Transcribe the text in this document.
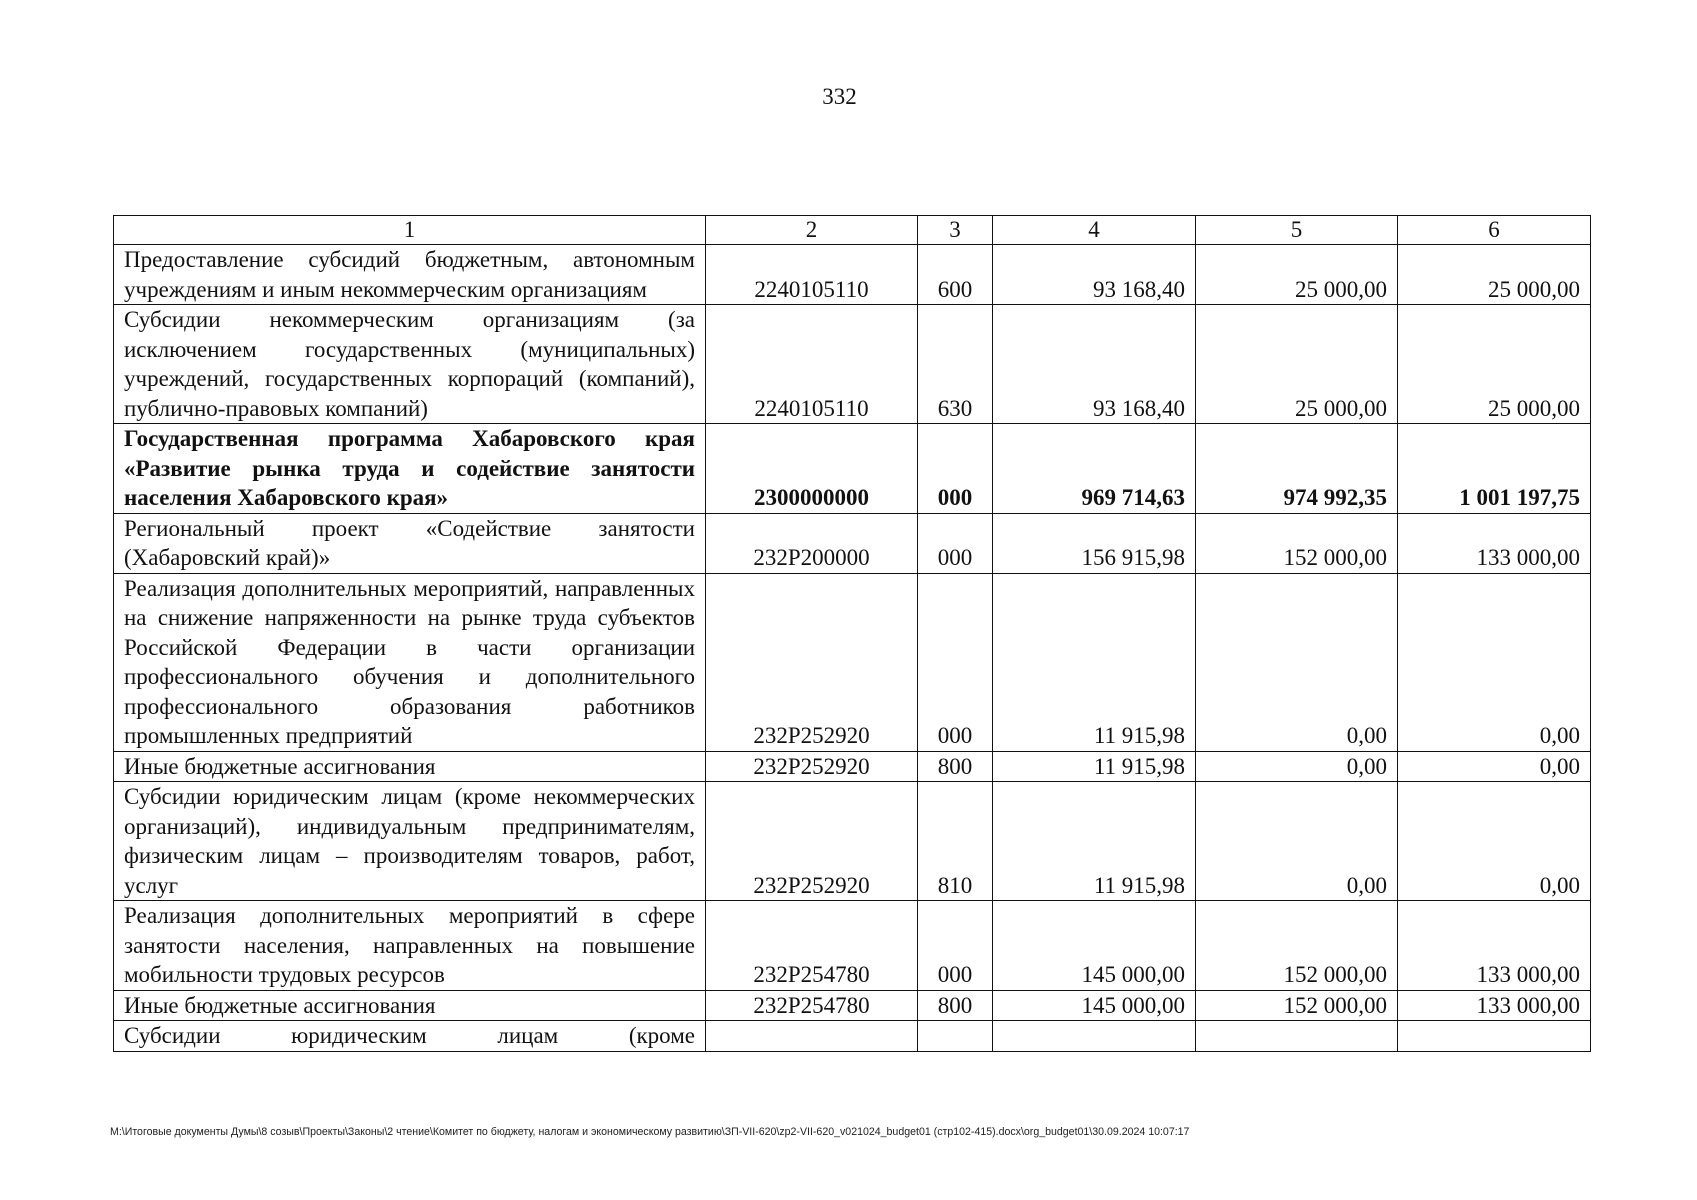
332
1	2	3	4	5	6
Предоставление субсидий бюджетным, автономным учреждениям и иным некоммерческим организациям	2240105110	600	93 168,40	25 000,00	25 000,00
Субсидии некоммерческим организациям (за исключением государственных (муниципальных) учреждений, государственных корпораций (компаний), публично-правовых компаний)	2240105110	630	93 168,40	25 000,00	25 000,00
Государственная программа Хабаровского края «Развитие рынка труда и содействие занятости населения Хабаровского края»	2300000000	000	969 714,63	974 992,35	1 001 197,75
Региональный проект «Содействие занятости (Хабаровский край)»	232P200000	000	156 915,98	152 000,00	133 000,00
Реализация дополнительных мероприятий, направленных на снижение напряженности на рынке труда субъектов Российской Федерации в части организации профессионального обучения и дополнительного профессионального образования работников промышленных предприятий	232P252920	000	11 915,98	0,00	0,00
Иные бюджетные ассигнования	232P252920	800	11 915,98	0,00	0,00
Субсидии юридическим лицам (кроме некоммерческих организаций), индивидуальным предпринимателям, физическим лицам – производителям товаров, работ, услуг	232P252920	810	11 915,98	0,00	0,00
Реализация дополнительных мероприятий в сфере занятости населения, направленных на повышение мобильности трудовых ресурсов	232P254780	000	145 000,00	152 000,00	133 000,00
Иные бюджетные ассигнования	232P254780	800	145 000,00	152 000,00	133 000,00
Субсидии юридическим лицам (кроме					
M:\Итоговые документы Думы\8 созыв\Проекты\Законы\2 чтение\Комитет по бюджету, налогам и экономическому развитию\ЗП-VII-620\zp2-VII-620_v021024_budget01 (стр102-415).docx\org_budget01\30.09.2024 10:07:17
